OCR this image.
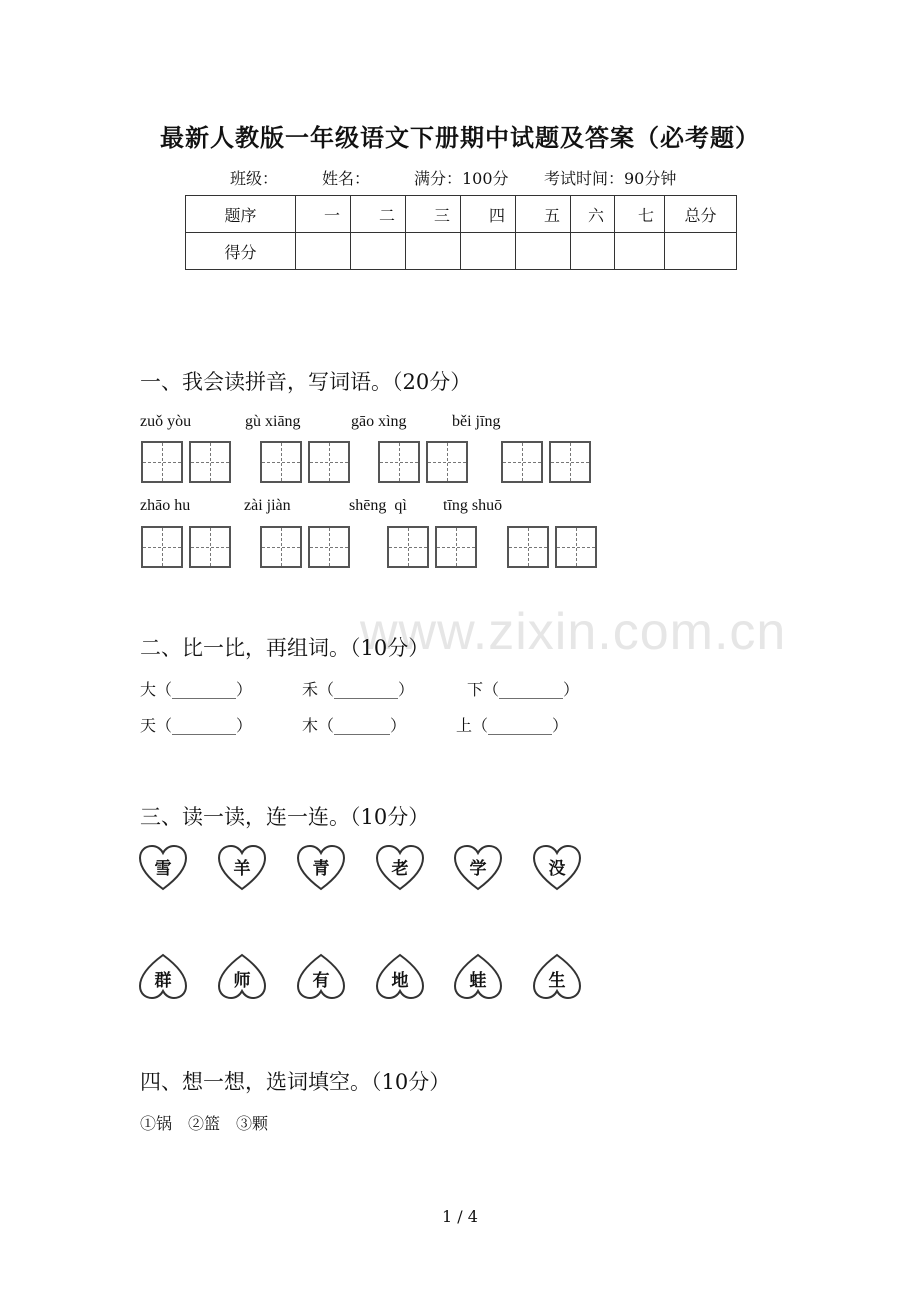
最新人教版一年级语文下册期中试题及答案（必考题）
班级：	姓名：	满分：100分 考试时间：90分钟
题序	一	二	三	四	五	六	七	总分
得分								
一、我会读拼音，写词语。（20分）
zuǒ yòu	gù xiāng	gāo xìng	běi jīng
zhāo hu	zài jiàn	shēng  qì tīng shuō
www.zixin.com.cn
二、比一比，再组词。（10分）
大（________）	禾（________）	下（________）
天（________）	木（_______）	上（________）
三、读一读，连一连。（10分）
雪	羊	青	老	学	没
群	师	有	地	蛙	生
四、想一想，选词填空。（10分）
①锅　②篮　③颗
1 / 4
